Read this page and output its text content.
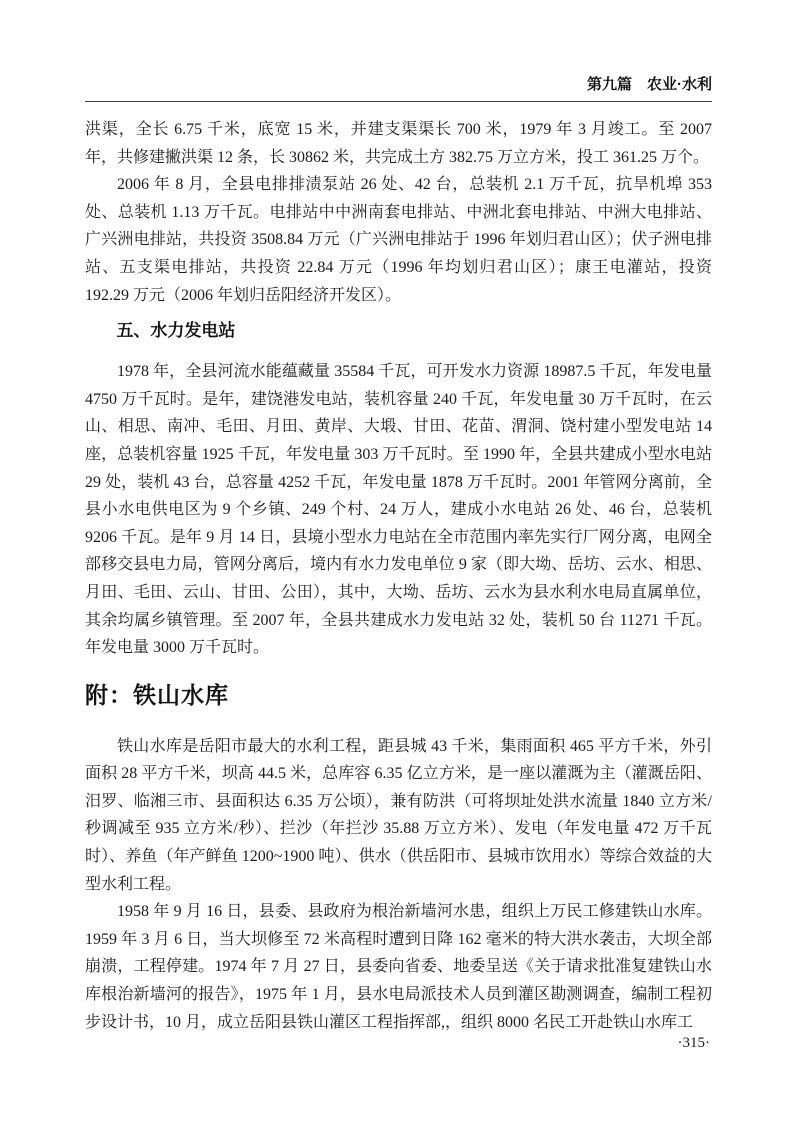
第九篇　农业·水利

洪渠，全长 6.75 千米，底宽 15 米，并建支渠渠长 700 米，1979 年 3 月竣工。至 2007 年，共修建撇洪渠 12 条，长 30862 米，共完成土方 382.75 万立方米，投工 361.25 万个。

2006 年 8 月，全县电排排渍泵站 26 处、42 台，总装机 2.1 万千瓦，抗旱机埠 353 处、总装机 1.13 万千瓦。电排站中中洲南套电排站、中洲北套电排站、中洲大电排站、广兴洲电排站，共投资 3508.84 万元（广兴洲电排站于 1996 年划归君山区）；伏子洲电排站、五支渠电排站，共投资 22.84 万元（1996 年均划归君山区）；康王电灌站，投资 192.29 万元（2006 年划归岳阳经济开发区）。

五、水力发电站

1978 年，全县河流水能蕴藏量 35584 千瓦，可开发水力资源 18987.5 千瓦，年发电量 4750 万千瓦时。是年，建饶港发电站，装机容量 240 千瓦，年发电量 30 万千瓦时，在云山、相思、南冲、毛田、月田、黄岸、大塅、甘田、花苗、渭洞、饶村建小型发电站 14 座，总装机容量 1925 千瓦，年发电量 303 万千瓦时。至 1990 年，全县共建成小型水电站 29 处，装机 43 台，总容量 4252 千瓦，年发电量 1878 万千瓦时。2001 年管网分离前，全县小水电供电区为 9 个乡镇、249 个村、24 万人，建成小水电站 26 处、46 台，总装机 9206 千瓦。是年 9 月 14 日，县境小型水力电站在全市范围内率先实行厂网分离，电网全部移交县电力局，管网分离后，境内有水力发电单位 9 家（即大坳、岳坊、云水、相思、月田、毛田、云山、甘田、公田），其中，大坳、岳坊、云水为县水利水电局直属单位，其余均属乡镇管理。至 2007 年，全县共建成水力发电站 32 处，装机 50 台 11271 千瓦。年发电量 3000 万千瓦时。

附：铁山水库

铁山水库是岳阳市最大的水利工程，距县城 43 千米，集雨面积 465 平方千米，外引面积 28 平方千米，坝高 44.5 米，总库容 6.35 亿立方米，是一座以灌溉为主（灌溉岳阳、汨罗、临湘三市、县面积达 6.35 万公顷），兼有防洪（可将坝址处洪水流量 1840 立方米/秒调减至 935 立方米/秒）、拦沙（年拦沙 35.88 万立方米）、发电（年发电量 472 万千瓦时）、养鱼（年产鲜鱼 1200~1900 吨）、供水（供岳阳市、县城市饮用水）等综合效益的大型水利工程。

1958 年 9 月 16 日，县委、县政府为根治新墙河水患，组织上万民工修建铁山水库。1959 年 3 月 6 日，当大坝修至 72 米高程时遭到日降 162 毫米的特大洪水袭击，大坝全部崩溃，工程停建。1974 年 7 月 27 日，县委向省委、地委呈送《关于请求批准复建铁山水库根治新墙河的报告》，1975 年 1 月，县水电局派技术人员到灌区勘测调查，编制工程初步设计书，10 月，成立岳阳县铁山灌区工程指挥部,，组织 8000 名民工开赴铁山水库工

·315·
